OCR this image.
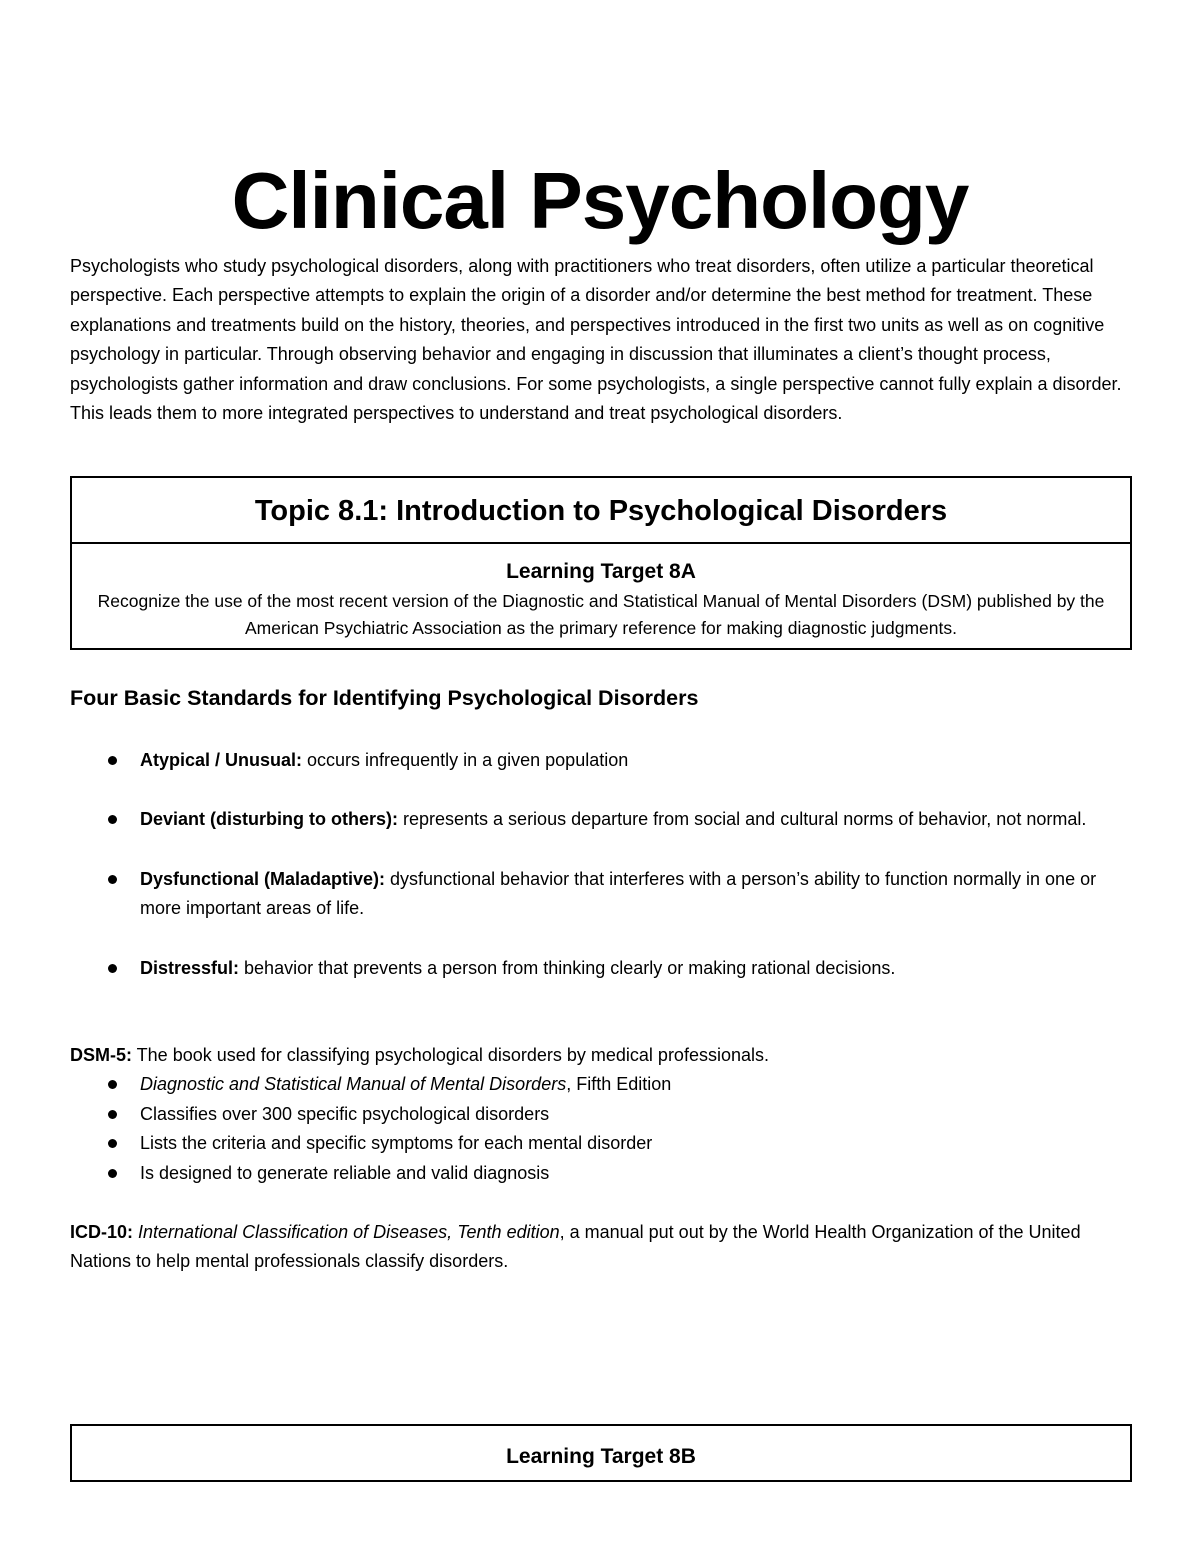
Clinical Psychology

Psychologists who study psychological disorders, along with practitioners who treat disorders, often utilize a particular theoretical perspective. Each perspective attempts to explain the origin of a disorder and/or determine the best method for treatment. These explanations and treatments build on the history, theories, and perspectives introduced in the first two units as well as on cognitive psychology in particular. Through observing behavior and engaging in discussion that illuminates a client’s thought process, psychologists gather information and draw conclusions. For some psychologists, a single perspective cannot fully explain a disorder. This leads them to more integrated perspectives to understand and treat psychological disorders.

Topic 8.1: Introduction to Psychological Disorders
Learning Target 8A

Recognize the use of the most recent version of the Diagnostic and Statistical Manual of Mental Disorders (DSM) published by the American Psychiatric Association as the primary reference for making diagnostic judgments.

Four Basic Standards for Identifying Psychological Disorders
Atypical / Unusual: occurs infrequently in a given population
Deviant (disturbing to others): represents a serious departure from social and cultural norms of behavior, not normal.
Dysfunctional (Maladaptive): dysfunctional behavior that interferes with a person’s ability to function normally in one or more important areas of life.
Distressful: behavior that prevents a person from thinking clearly or making rational decisions.
DSM-5: The book used for classifying psychological disorders by medical professionals.
Diagnostic and Statistical Manual of Mental Disorders, Fifth Edition
Classifies over 300 specific psychological disorders
Lists the criteria and specific symptoms for each mental disorder
Is designed to generate reliable and valid diagnosis

ICD-10: International Classification of Diseases, Tenth edition, a manual put out by the World Health Organization of the United Nations to help mental professionals classify disorders.

Learning Target 8B
